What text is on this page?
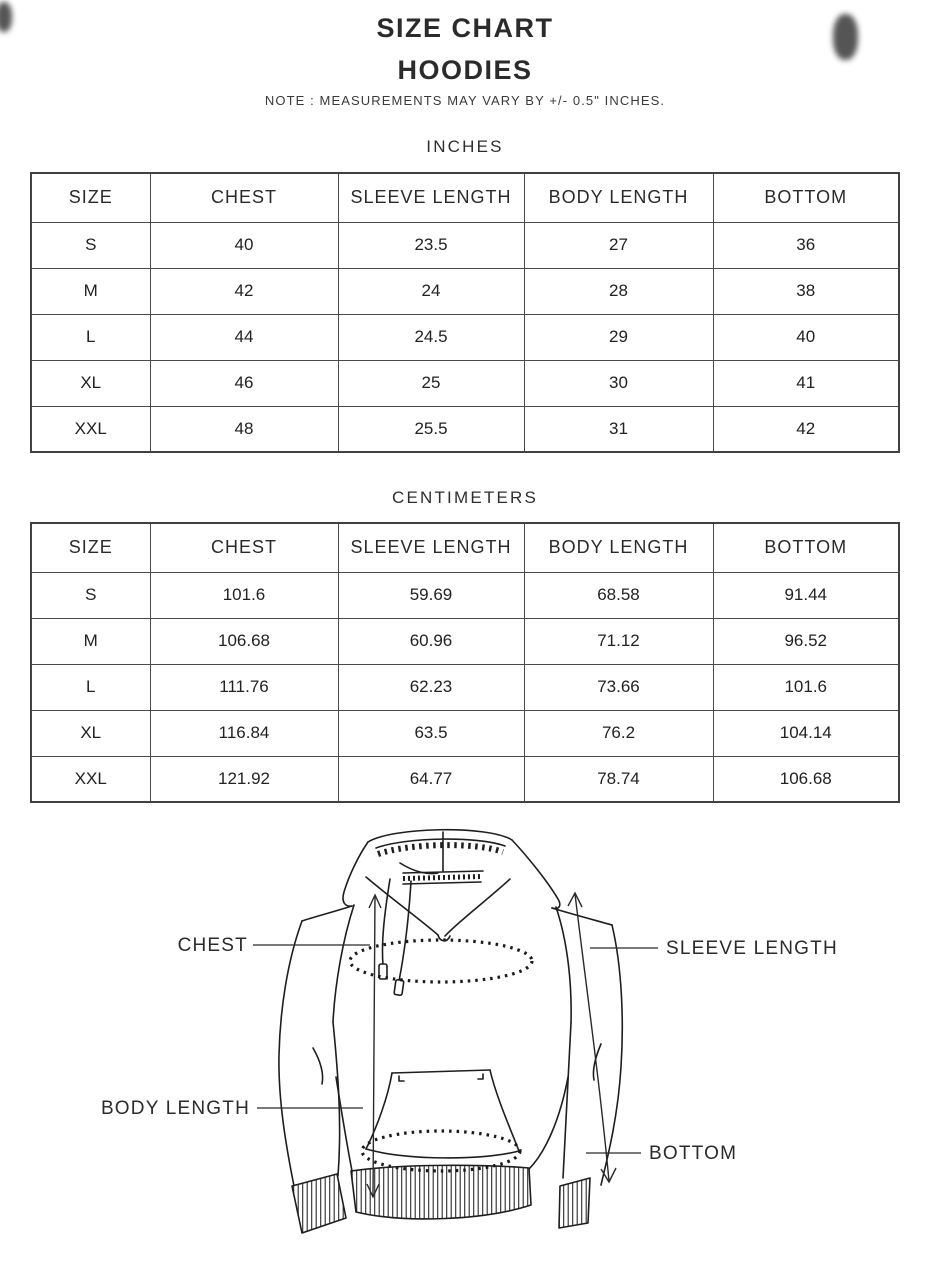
SIZE CHART
HOODIES
NOTE : MEASUREMENTS MAY VARY BY +/- 0.5" INCHES.
INCHES
SIZE	CHEST	SLEEVE LENGTH	BODY LENGTH	BOTTOM
S	40	23.5	27	36
M	42	24	28	38
L	44	24.5	29	40
XL	46	25	30	41
XXL	48	25.5	31	42
CENTIMETERS
SIZE	CHEST	SLEEVE LENGTH	BODY LENGTH	BOTTOM
S	101.6	59.69	68.58	91.44
M	106.68	60.96	71.12	96.52
L	111.76	62.23	73.66	101.6
XL	116.84	63.5	76.2	104.14
XXL	121.92	64.77	78.74	106.68
CHEST	SLEEVE LENGTH
BODY LENGTH
BOTTOM
